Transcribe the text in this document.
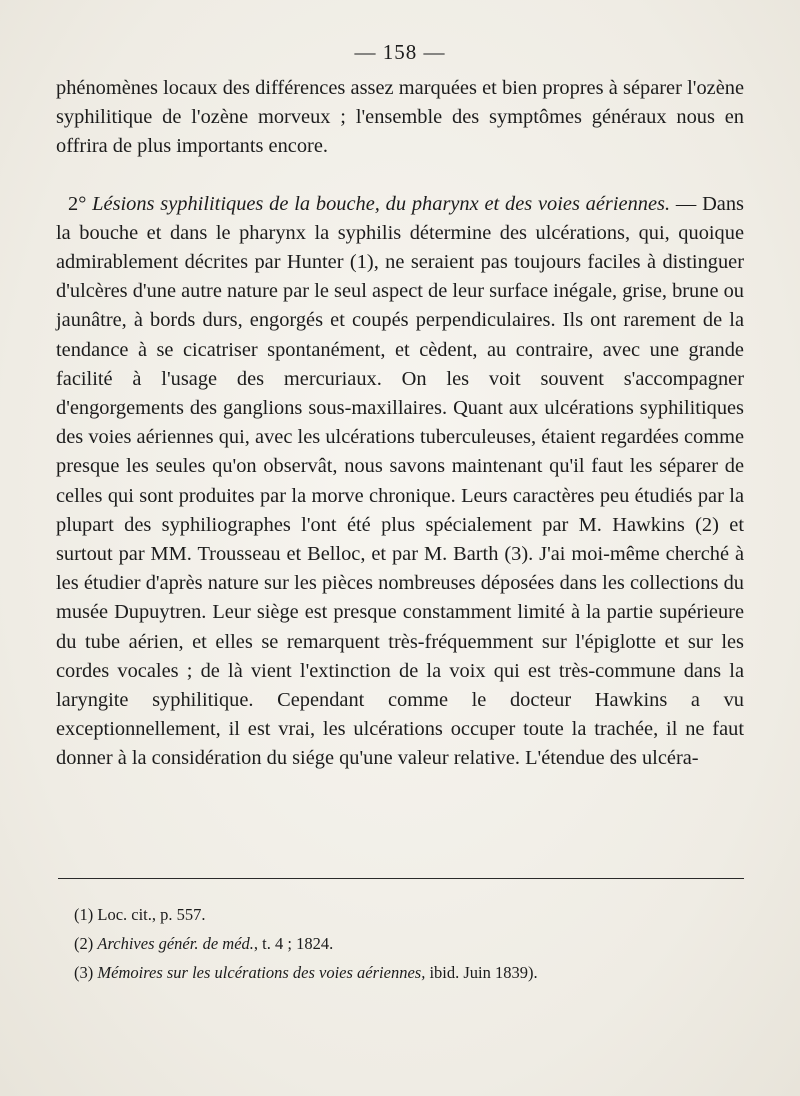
— 158 —

phénomènes locaux des différences assez marquées et bien propres à séparer l'ozène syphilitique de l'ozène morveux ; l'ensemble des symptômes généraux nous en offrira de plus importants encore.

2° Lésions syphilitiques de la bouche, du pharynx et des voies aériennes. — Dans la bouche et dans le pharynx la syphilis détermine des ulcérations, qui, quoique admirablement décrites par Hunter (1), ne seraient pas toujours faciles à distinguer d'ulcères d'une autre nature par le seul aspect de leur surface inégale, grise, brune ou jaunâtre, à bords durs, engorgés et coupés perpendiculaires. Ils ont rarement de la tendance à se cicatriser spontanément, et cèdent, au contraire, avec une grande facilité à l'usage des mercuriaux. On les voit souvent s'accompagner d'engorgements des ganglions sous-maxillaires. Quant aux ulcérations syphilitiques des voies aériennes qui, avec les ulcérations tuberculeuses, étaient regardées comme presque les seules qu'on observât, nous savons maintenant qu'il faut les séparer de celles qui sont produites par la morve chronique. Leurs caractères peu étudiés par la plupart des syphiliographes l'ont été plus spécialement par M. Hawkins (2) et surtout par MM. Trousseau et Belloc, et par M. Barth (3). J'ai moi-même cherché à les étudier d'après nature sur les pièces nombreuses déposées dans les collections du musée Dupuytren. Leur siège est presque constamment limité à la partie supérieure du tube aérien, et elles se remarquent très-fréquemment sur l'épiglotte et sur les cordes vocales ; de là vient l'extinction de la voix qui est très-commune dans la laryngite syphilitique. Cependant comme le docteur Hawkins a vu exceptionnellement, il est vrai, les ulcérations occuper toute la trachée, il ne faut donner à la considération du siége qu'une valeur relative. L'étendue des ulcéra-

(1) Loc. cit., p. 557.
(2) Archives génér. de méd., t. 4 ; 1824.
(3) Mémoires sur les ulcérations des voies aériennes, ibid. Juin 1839).
